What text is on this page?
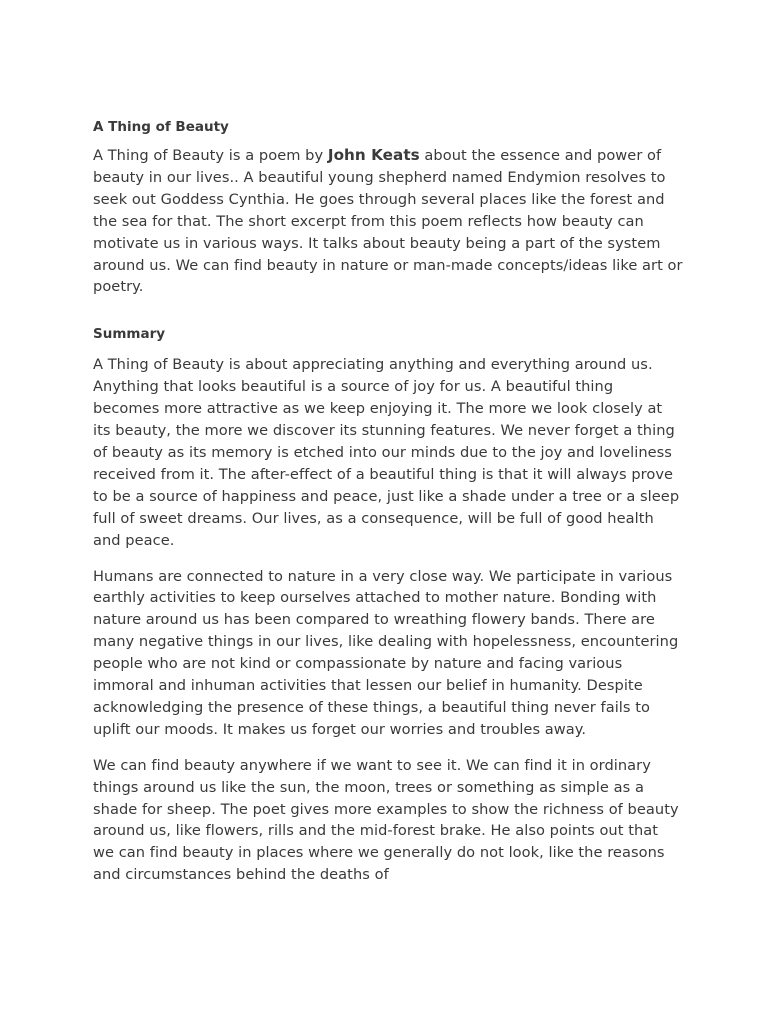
A Thing of Beauty

A Thing of Beauty is a poem by John Keats about the essence and power of beauty in our lives.. A beautiful young shepherd named Endymion resolves to seek out Goddess Cynthia. He goes through several places like the forest and the sea for that. The short excerpt from this poem reflects how beauty can motivate us in various ways. It talks about beauty being a part of the system around us. We can find beauty in nature or man-made concepts/ideas like art or poetry.

Summary

A Thing of Beauty is about appreciating anything and everything around us. Anything that looks beautiful is a source of joy for us. A beautiful thing becomes more attractive as we keep enjoying it. The more we look closely at its beauty, the more we discover its stunning features. We never forget a thing of beauty as its memory is etched into our minds due to the joy and loveliness received from it. The after-effect of a beautiful thing is that it will always prove to be a source of happiness and peace, just like a shade under a tree or a sleep full of sweet dreams. Our lives, as a consequence, will be full of good health and peace.

Humans are connected to nature in a very close way. We participate in various earthly activities to keep ourselves attached to mother nature. Bonding with nature around us has been compared to wreathing flowery bands. There are many negative things in our lives, like dealing with hopelessness, encountering people who are not kind or compassionate by nature and facing various immoral and inhuman activities that lessen our belief in humanity. Despite acknowledging the presence of these things, a beautiful thing never fails to uplift our moods. It makes us forget our worries and troubles away.

We can find beauty anywhere if we want to see it. We can find it in ordinary things around us like the sun, the moon, trees or something as simple as a shade for sheep. The poet gives more examples to show the richness of beauty around us, like flowers, rills and the mid-forest brake. He also points out that we can find beauty in places where we generally do not look, like the reasons and circumstances behind the deaths of
